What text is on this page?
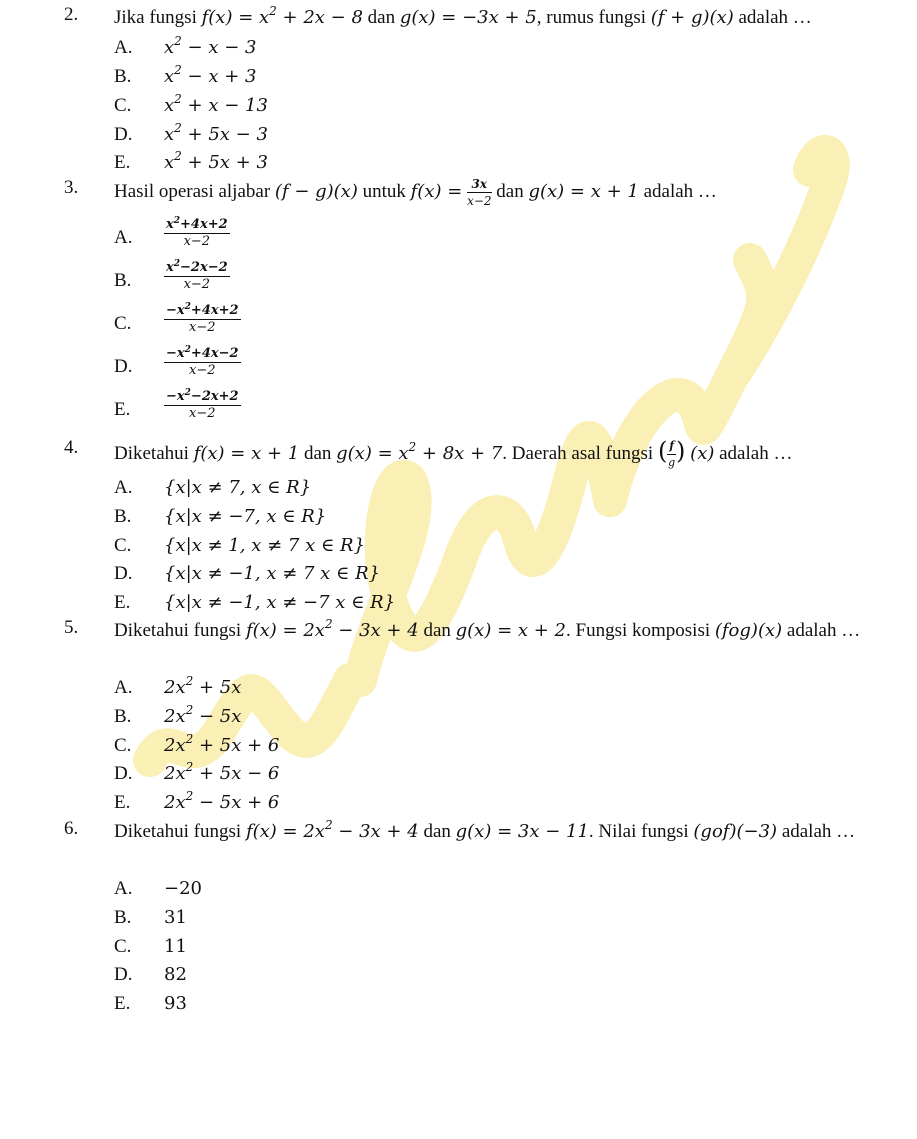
2. Jika fungsi $f(x) = x^2 + 2x - 8$ dan g(x) = −3x + 5, rumus fungsi (f + g)(x) adalah …
A. $x^2 - x - 3$
B. $x^2 - x + 3$
C. $x^2 + x - 13$
D. $x^2 + 5x - 3$
E. $x^2 + 5x + 3$
3. Hasil operasi aljabar (f − g)(x) untuk $f(x) = \frac{3x}{x-2}$ dan g(x) = x + 1 adalah …
A. $\frac{x^2+4x+2}{x-2}$
B.	$\frac{x^2-2x-2}{x-2}$
C.	$\frac{-x^2+4x+2}{x-2}$
D. $\frac{-x^2+4x-2}{x-2}$
E.	$\frac{-x^2-2x+2}{x-2}$
4. Diketahui f(x) = x + 1 dan $g(x) = x^2 + 8x + 7$. Daerah asal fungsi ( $\frac{f}{g}$ ) (x) adalah …
A. {x|x ≠ 7, x ∈ R}
B. {x|x ≠ −7, x ∈ R}
C. {x|x ≠ 1, x ≠ 7 x ∈ R}
D. {x|x ≠ −1, x ≠ 7 x ∈ R}
E. {x|x ≠ −1, x ≠ −7 x ∈ R}
5. Diketahui fungsi $f(x) = 2x^2 - 3x + 4$ dan g(x) = x + 2. Fungsi komposisi (fog)(x) adalah …
A. $2x^2 + 5x$
B. $2x^2 - 5x$
C. $2x^2 + 5x + 6$
D. $2x^2 + 5x - 6$
E. $2x^2 - 5x + 6$
6. Diketahui fungsi $f(x) = 2x^2 - 3x + 4$ dan g(x) = 3x − 11. Nilai fungsi (gof)(−3) adalah …
A. −20
B. 31
C. 11
D. 82
E. 93
